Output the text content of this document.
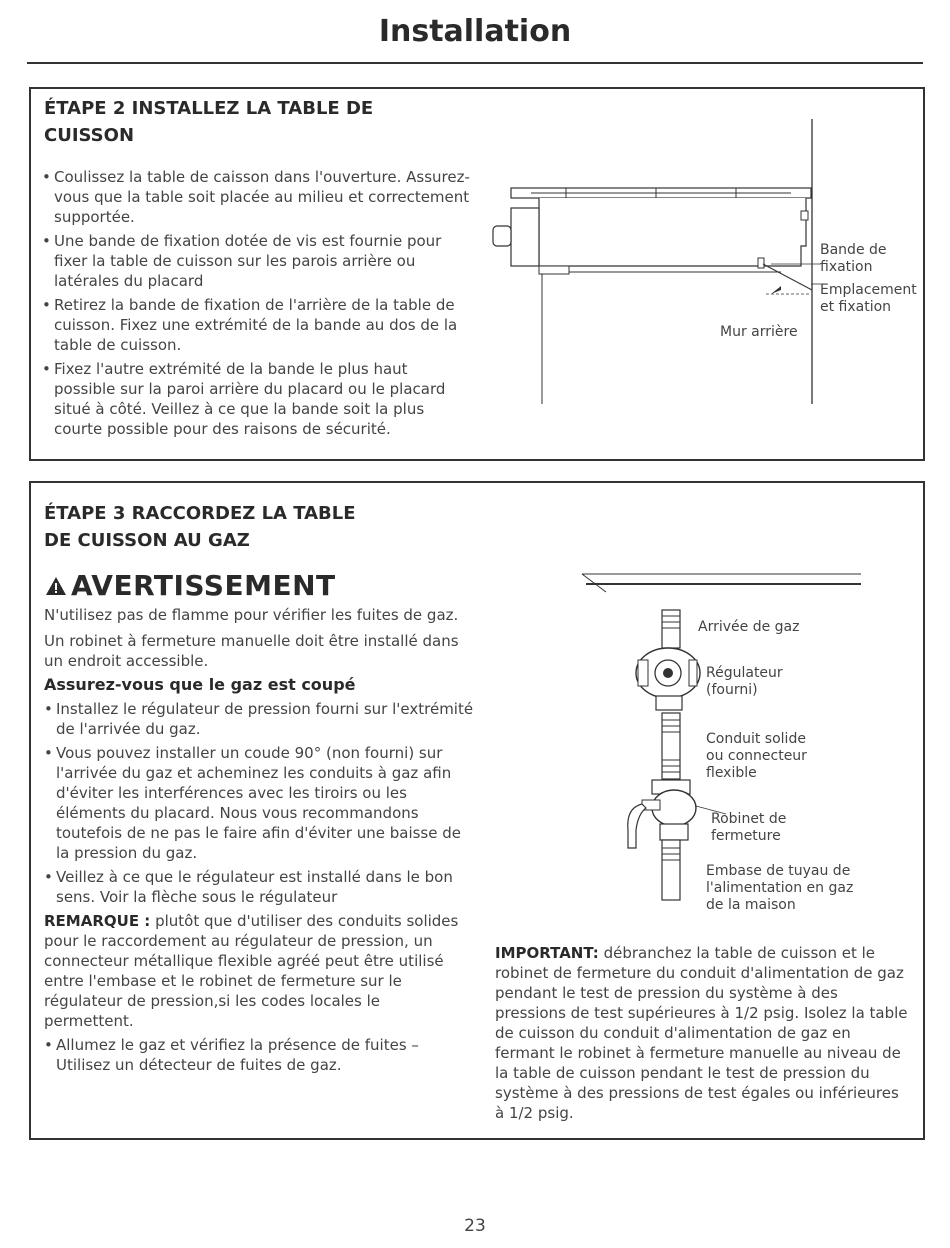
Installation
ÉTAPE 2 INSTALLEZ LA TABLE DE
CUISSON
• Coulissez la table de caisson dans l'ouverture. Assurez-vous que la table soit placée au milieu et correctement supportée.
• Une bande de fixation dotée de vis est fournie pour fixer la table de cuisson sur les parois arrière ou latérales du placard
• Retirez la bande de fixation de l'arrière de la table de cuisson. Fixez une extrémité de la bande au dos de la table de cuisson.
• Fixez l'autre extrémité de la bande le plus haut possible sur la paroi arrière du placard ou le placard situé à côté. Veillez à ce que la bande soit la plus courte possible pour des raisons de sécurité.
Bande de fixation
Emplacement et fixation
Mur arrière
ÉTAPE 3 RACCORDEZ LA TABLE
DE CUISSON AU GAZ
AVERTISSEMENT

N'utilisez pas de flamme pour vérifier les fuites de gaz.

Un robinet à fermeture manuelle doit être installé dans un endroit accessible.

Assurez-vous que le gaz est coupé
• Installez le régulateur de pression fourni sur l'extrémité de l'arrivée du gaz.
• Vous pouvez installer un coude 90° (non fourni) sur l'arrivée du gaz et acheminez les conduits à gaz afin d'éviter les interférences avec les tiroirs ou les éléments du placard. Nous vous recommandons toutefois de ne pas le faire afin d'éviter une baisse de la pression du gaz.
• Veillez à ce que le régulateur est installé dans le bon sens. Voir la flèche sous le régulateur

REMARQUE : plutôt que d'utiliser des conduits solides pour le raccordement au régulateur de pression, un connecteur métallique flexible agréé peut être utilisé entre l'embase et le robinet de fermeture sur le régulateur de pression,si les codes locales le permettent.

• Allumez le gaz et vérifiez la présence de fuites – Utilisez un détecteur de fuites de gaz.
Arrivée de gaz
Régulateur (fourni)
Conduit solide ou connecteur flexible
Robinet de fermeture
Embase de tuyau de l'alimentation en gaz de la maison
IMPORTANT: débranchez la table de cuisson et le robinet de fermeture du conduit d'alimentation de gaz pendant le test de pression du système à des pressions de test supérieures à 1/2 psig. Isolez la table de cuisson du conduit d'alimentation de gaz en fermant le robinet à fermeture manuelle au niveau de la table de cuisson pendant le test de pression du système à des pressions de test égales ou inférieures à 1/2 psig.
23
